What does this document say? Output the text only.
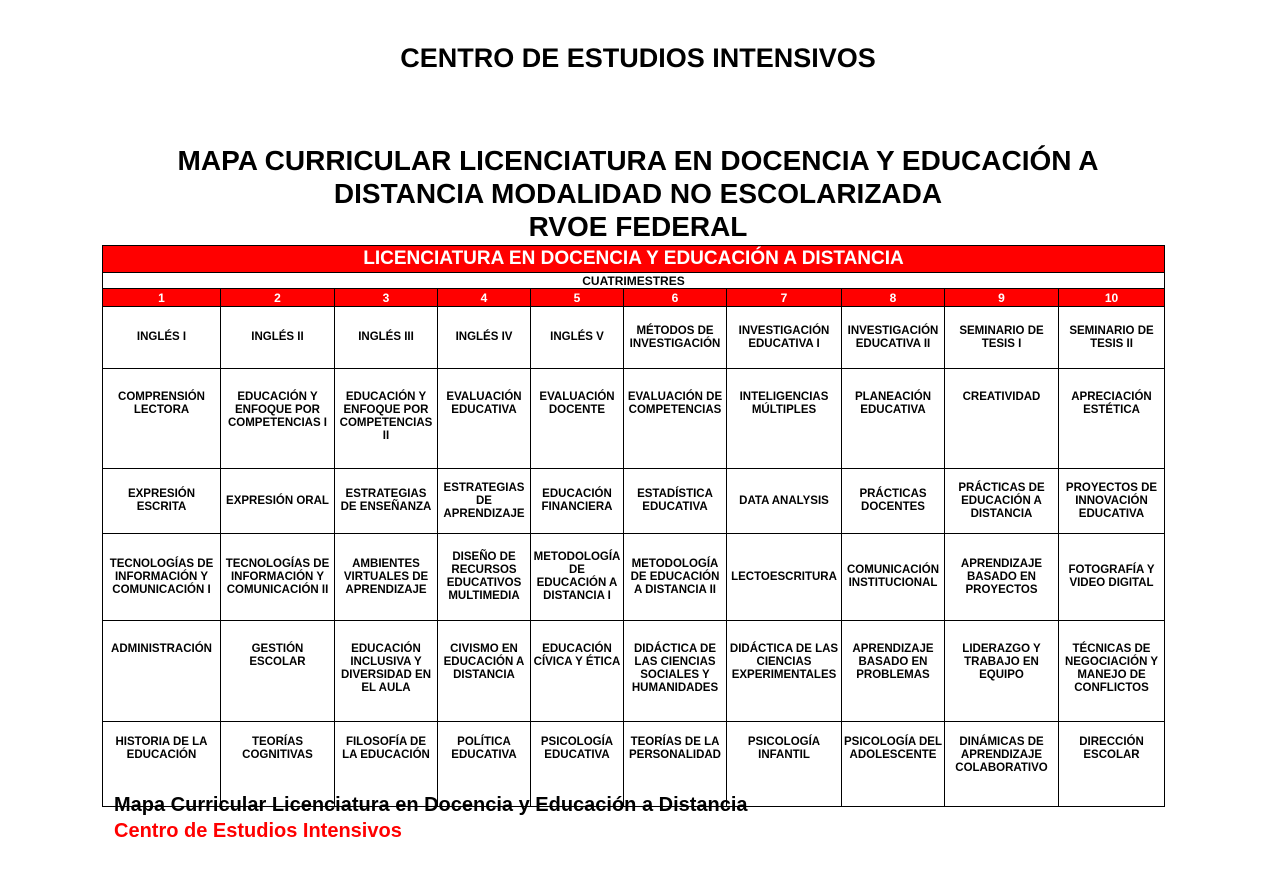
CENTRO DE ESTUDIOS INTENSIVOS
MAPA CURRICULAR LICENCIATURA EN DOCENCIA Y EDUCACIÓN A
DISTANCIA MODALIDAD NO ESCOLARIZADA
RVOE FEDERAL
LICENCIATURA EN DOCENCIA Y EDUCACIÓN A DISTANCIA									
CUATRIMESTRES									
1	2	3	4	5	6	7	8	9	10
INGLÉS I	INGLÉS II	INGLÉS III	INGLÉS IV	INGLÉS V	MÉTODOS DE INVESTIGACIÓN	INVESTIGACIÓN EDUCATIVA I	INVESTIGACIÓN EDUCATIVA II	SEMINARIO DE TESIS I	SEMINARIO DE TESIS II
COMPRENSIÓN LECTORA	EDUCACIÓN Y ENFOQUE POR COMPETENCIAS I	EDUCACIÓN Y ENFOQUE POR COMPETENCIAS II	EVALUACIÓN EDUCATIVA	EVALUACIÓN DOCENTE	EVALUACIÓN DE COMPETENCIAS	INTELIGENCIAS MÚLTIPLES	PLANEACIÓN EDUCATIVA	CREATIVIDAD	APRECIACIÓN ESTÉTICA
EXPRESIÓN ESCRITA	EXPRESIÓN ORAL	ESTRATEGIAS DE ENSEÑANZA	ESTRATEGIAS DE APRENDIZAJE	EDUCACIÓN FINANCIERA	ESTADÍSTICA EDUCATIVA	DATA ANALYSIS	PRÁCTICAS DOCENTES	PRÁCTICAS DE EDUCACIÓN A DISTANCIA	PROYECTOS DE INNOVACIÓN EDUCATIVA
TECNOLOGÍAS DE INFORMACIÓN Y COMUNICACIÓN I	TECNOLOGÍAS DE INFORMACIÓN Y COMUNICACIÓN II	AMBIENTES VIRTUALES DE APRENDIZAJE	DISEÑO DE RECURSOS EDUCATIVOS MULTIMEDIA	METODOLOGÍA DE EDUCACIÓN A DISTANCIA I	METODOLOGÍA DE EDUCACIÓN A DISTANCIA II	LECTOESCRITURA	COMUNICACIÓN INSTITUCIONAL	APRENDIZAJE BASADO EN PROYECTOS	FOTOGRAFÍA Y VIDEO DIGITAL
ADMINISTRACIÓN	GESTIÓN ESCOLAR	EDUCACIÓN INCLUSIVA Y DIVERSIDAD EN EL AULA	CIVISMO EN EDUCACIÓN A DISTANCIA	EDUCACIÓN CÍVICA Y ÉTICA	DIDÁCTICA DE LAS CIENCIAS SOCIALES Y HUMANIDADES	DIDÁCTICA DE LAS CIENCIAS EXPERIMENTALES	APRENDIZAJE BASADO EN PROBLEMAS	LIDERAZGO Y TRABAJO EN EQUIPO	TÉCNICAS DE NEGOCIACIÓN Y MANEJO DE CONFLICTOS
HISTORIA DE LA EDUCACIÓN	TEORÍAS COGNITIVAS	FILOSOFÍA DE LA EDUCACIÓN	POLÍTICA EDUCATIVA	PSICOLOGÍA EDUCATIVA	TEORÍAS DE LA PERSONALIDAD	PSICOLOGÍA INFANTIL	PSICOLOGÍA DEL ADOLESCENTE	DINÁMICAS DE APRENDIZAJE COLABORATIVO	DIRECCIÓN ESCOLAR
Mapa Curricular Licenciatura en Docencia y Educación a Distancia
Centro de Estudios Intensivos
